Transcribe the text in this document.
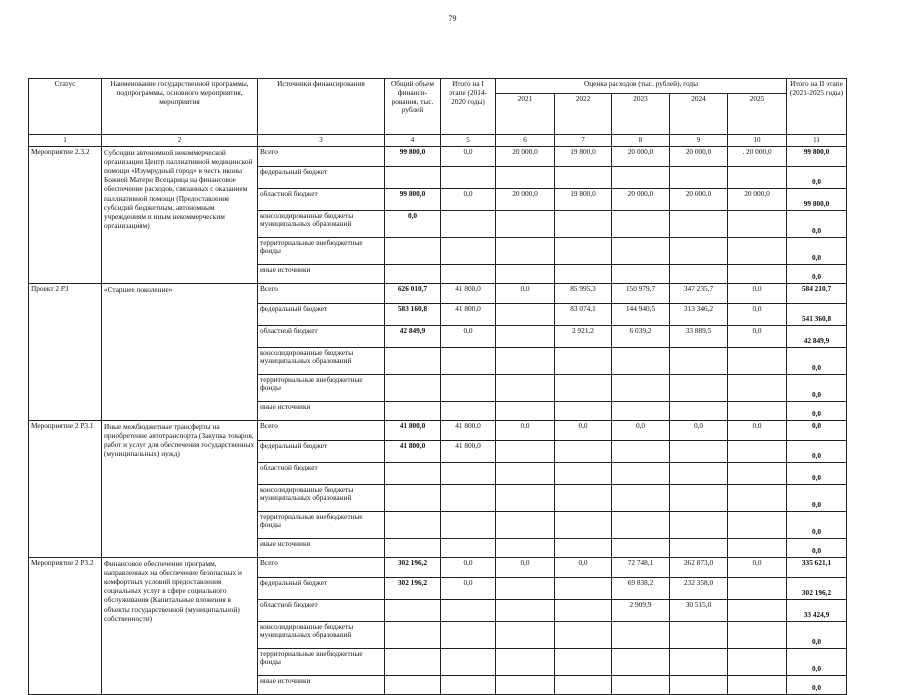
79
Статус	Наименование государственной программы, подпрограммы, основного мероприятия, мероприятия	Источники финансирования	Общий объем финанси-рования, тыс. рублей	Итого на I этапе (2014-2020 годы)	Оценка расходов (тыс. рублей), годы					Итого на II этапе (2021-2025 годы)
					2021	2022	2023	2024	2025	
1	2	3	4	5	6	7	8	9	10	11
Мероприятие 2.3.2	Субсидии автономной некоммерческой организации Центр паллиативной медицинской помощи «Изумрудный город» в честь иконы Божией Матери Всецарица на финансовое обеспечение расходов, связанных с оказанием паллиативной помощи (Предоставление субсидий бюджетным, автономным учреждениям и иным некоммерческим организациям)	Всего	99 800,0	0,0	20 000,0	19 800,0	20 000,0	20 000,0	. 20 000,0	99 800,0
		федеральный бюджет								0,0
		областной бюджет	99 800,0	0,0	20 000,0	19 800,0	20 000,0	20 000,0	20 000,0	99 800,0
		консолидированные бюджеты муниципальных образований	0,0							0,0
		территориальные внебюджетные фонды								0,0
		иные источники								0,0
Проект 2 Р3	«Старшее поколение»	Всего	626 010,7	41 800,0	0,0	85 995,3	150 979,7	347 235,7	0,0	584 210,7
		федеральный бюджет	583 160,8	41 800,0		83 074,1	144 940,5	313 346,2	0,0	541 360,8
		областной бюджет	42 849,9	0,0		2 921,2	6 039,2	33 889,5	0,0	42 849,9
		консолидированные бюджеты муниципальных образований								0,0
		территориальные внебюджетные фонды								0,0
		иные источники								0,0
Мероприятие 2 Р3.1	Иные межбюджетные трансферты на приобретение автотранспорта (Закупка товаров, работ и услуг для обеспечения государственных (муниципальных) нужд)	Всего	41 800,0	41 800,0	0,0	0,0	0,0	0,0	0,0	0,0
		федеральный бюджет	41 800,0	41 800,0						0,0
		областной бюджет								0,0
		консолидированные бюджеты муниципальных образований								0,0
		территориальные внебюджетные фонды								0,0
		иные источники								0,0
Мероприятие 2 Р3.2	Финансовое обеспечение программ, направленных на обеспечение безопасных и комфортных условий предоставления социальных услуг в сфере социального обслуживания (Капитальные вложения в объекты государственной (муниципальной) собственности)	Всего	302 196,2	0,0	0,0	0,0	72 748,1	262 873,0	0,0	335 621,1
		федеральный бюджет	302 196,2	0,0			69 838,2	232 358,0		302 196,2
		областной бюджет					2 909,9	30 515,0		33 424,9
		консолидированные бюджеты муниципальных образований								0,0
		территориальные внебюджетные фонды								0,0
		иные источники								0,0
